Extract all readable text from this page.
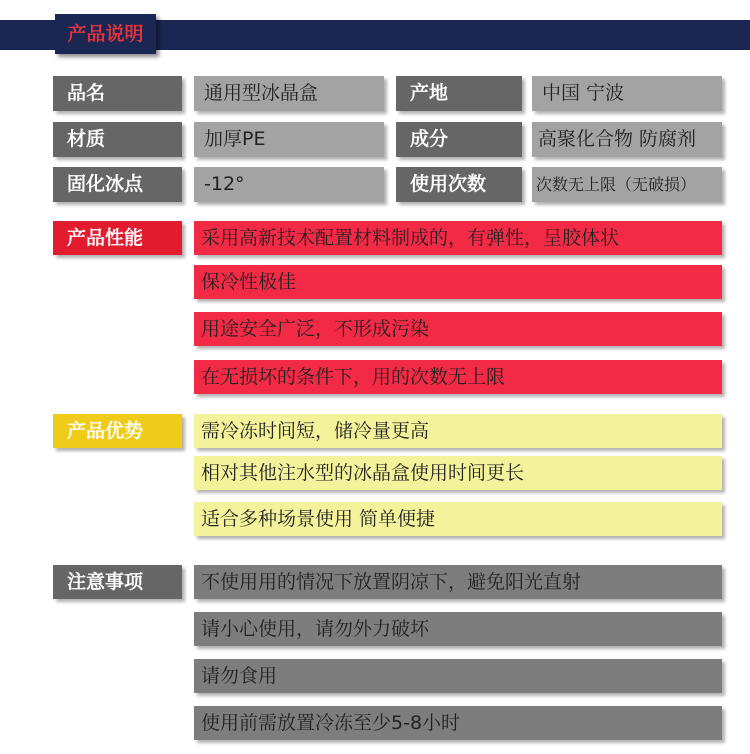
产品说明
品名	通用型冰晶盒	产地	中国 宁波
材质	加厚PE	成分	高聚化合物 防腐剂
固化冰点	-12°	使用次数	次数无上限（无破损）
产品性能	采用高新技术配置材料制成的，有弹性，呈胶体状
保冷性极佳
用途安全广泛，不形成污染
在无损坏的条件下，用的次数无上限
产品优势	需冷冻时间短，储冷量更高
相对其他注水型的冰晶盒使用时间更长
适合多种场景使用 简单便捷
注意事项	不使用用的情况下放置阴凉下，避免阳光直射
请小心使用，请勿外力破坏
请勿食用
使用前需放置冷冻至少5-8小时
